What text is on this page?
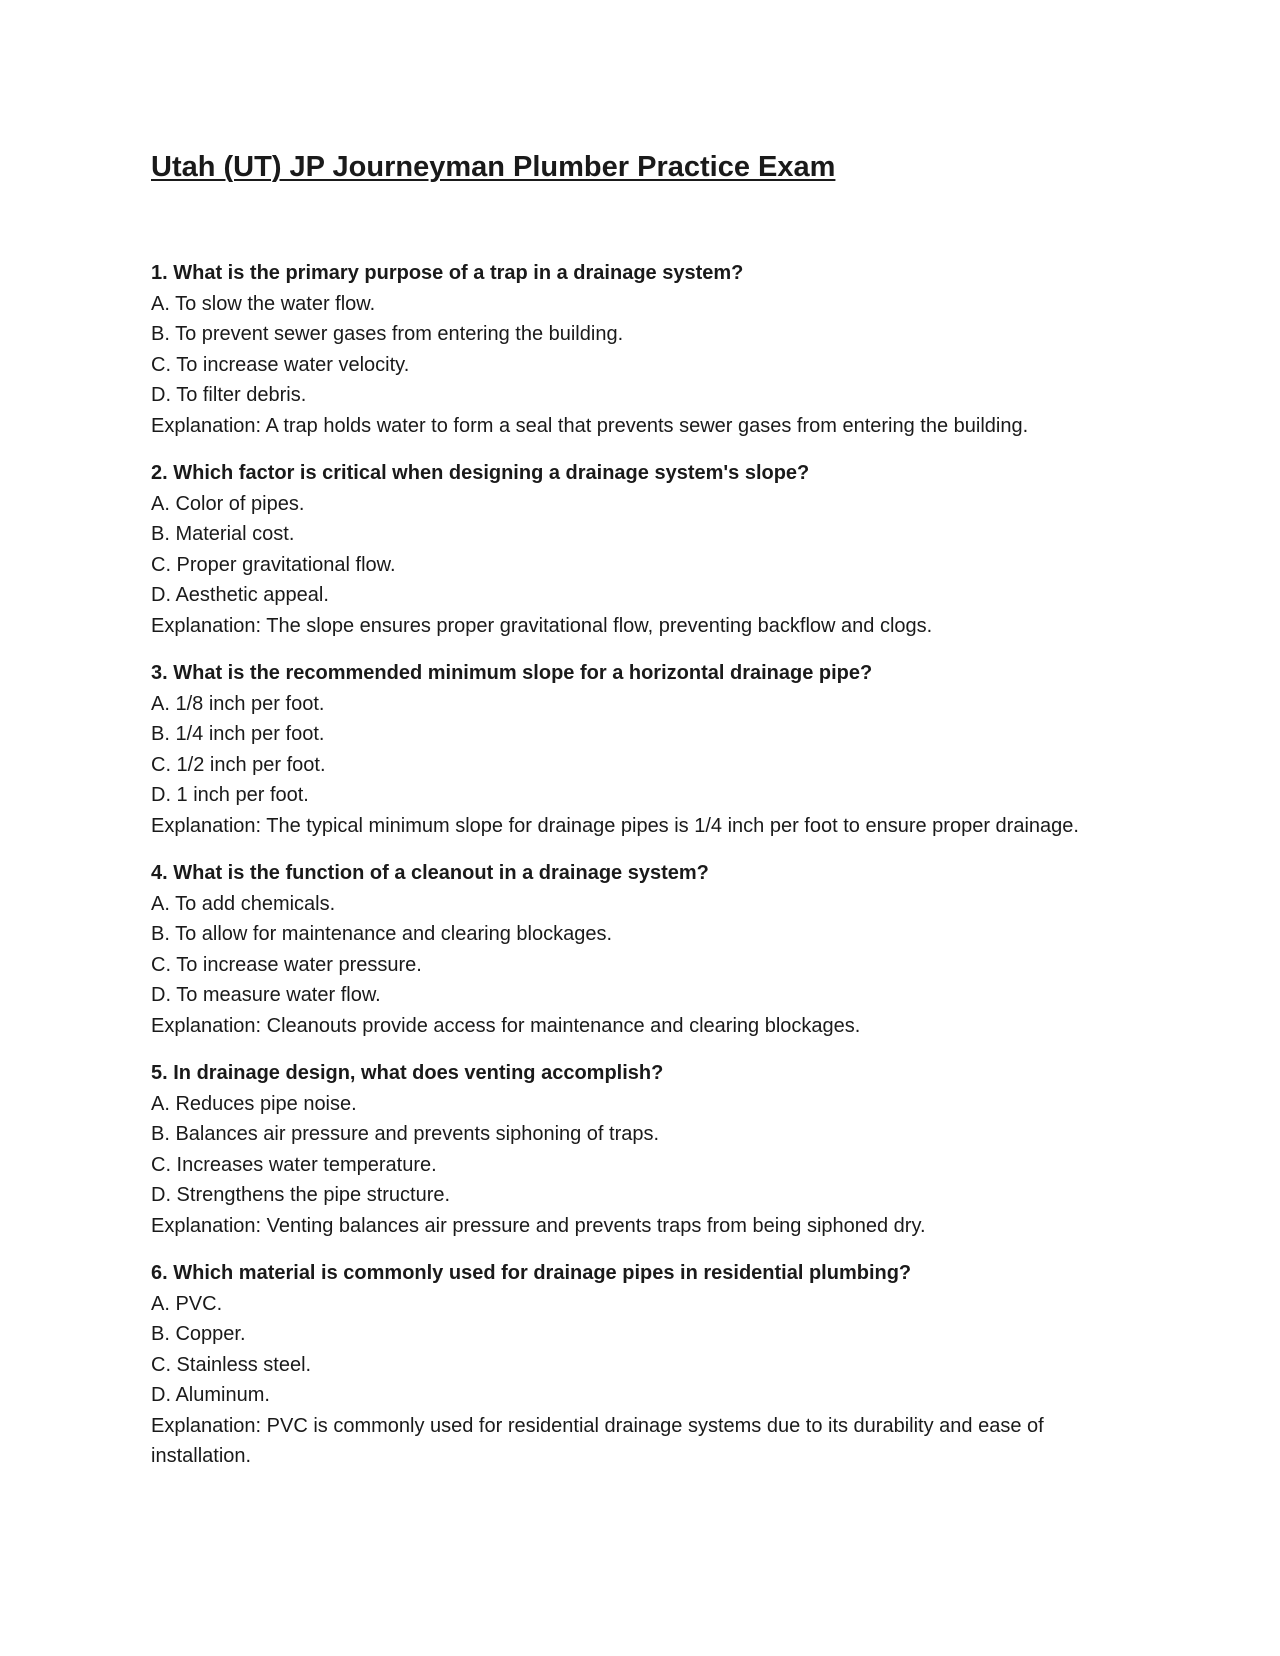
Utah (UT) JP Journeyman Plumber Practice Exam

1. What is the primary purpose of a trap in a drainage system?

A. To slow the water flow.

B. To prevent sewer gases from entering the building.

C. To increase water velocity.

D. To filter debris.

Explanation: A trap holds water to form a seal that prevents sewer gases from entering the building.

2. Which factor is critical when designing a drainage system's slope?

A. Color of pipes.

B. Material cost.

C. Proper gravitational flow.

D. Aesthetic appeal.

Explanation: The slope ensures proper gravitational flow, preventing backflow and clogs.

3. What is the recommended minimum slope for a horizontal drainage pipe?

A. 1/8 inch per foot.

B. 1/4 inch per foot.

C. 1/2 inch per foot.

D. 1 inch per foot.

Explanation: The typical minimum slope for drainage pipes is 1/4 inch per foot to ensure proper drainage.

4. What is the function of a cleanout in a drainage system?

A. To add chemicals.

B. To allow for maintenance and clearing blockages.

C. To increase water pressure.

D. To measure water flow.

Explanation: Cleanouts provide access for maintenance and clearing blockages.

5. In drainage design, what does venting accomplish?

A. Reduces pipe noise.

B. Balances air pressure and prevents siphoning of traps.

C. Increases water temperature.

D. Strengthens the pipe structure.

Explanation: Venting balances air pressure and prevents traps from being siphoned dry.

6. Which material is commonly used for drainage pipes in residential plumbing?

A. PVC.

B. Copper.

C. Stainless steel.

D. Aluminum.

Explanation: PVC is commonly used for residential drainage systems due to its durability and ease of installation.
